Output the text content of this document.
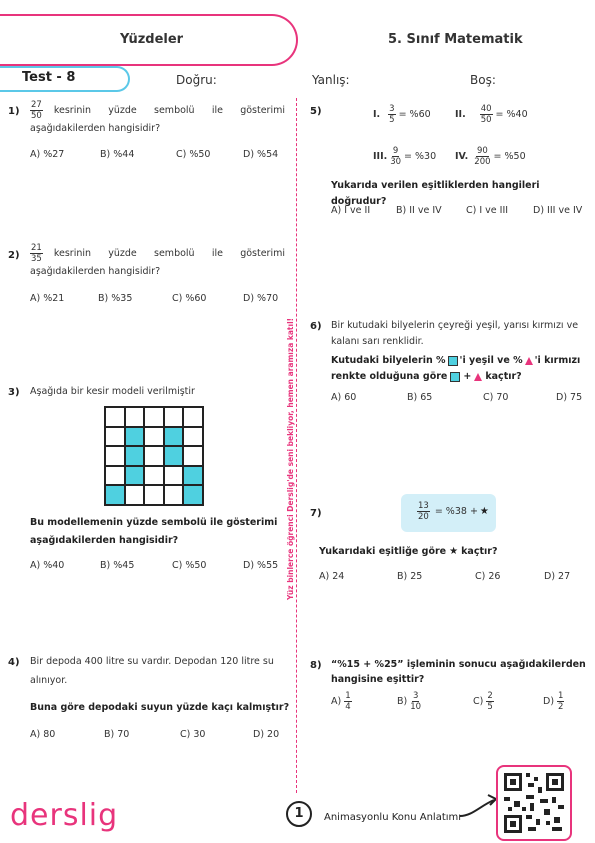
Yüzdeler	5. Sınıf Matematik
Test - 8	Doğru:	Yanlış:	Boş:
Yüz binlerce öğrenci Derslig'de seni bekliyor, hemen aramıza katıl!
$1) \frac{27}{50}$ kesrinin yüzde sembolü ile gösterimi
aşağıdakilerden hangisidir?
A) %27	B) %44	C) %50	D) %54
$2) \frac{21}{35}$ kesrinin yüzde sembolü ile gösterimi
aşağıdakilerden hangisidir?
A) %21	B) %35	C) %60	D) %70
3) Aşağıda bir kesir modeli verilmiştir
Bu modellemenin yüzde sembolü ile gösterimi
aşağıdakilerden hangisidir?
A) %40	B) %45	C) %50	D) %55
4) Bir depoda 400 litre su vardır. Depodan 120 litre su
alınıyor.
Buna göre depodaki suyun yüzde kaçı kalmıştır?
A) 80	B) 70	C) 30	D) 20
5)	I. $\frac{3}{5} = \%60$	II. $\frac{40}{50} = \%40$
III. $\frac{9}{30} = \%30$ IV. $\frac{90}{200} = \%50$
Yukarıda verilen eşitliklerden hangileri doğrudur?
A) I ve II	B) II ve IV	C) I ve III	D) III ve IV
6) Bir kutudaki bilyelerin çeyreği yeşil, yarısı kırmızı ve
kalanı sarı renklidir.
Kutudaki bilyelerin % 'i yeşil ve % 'i kırmızı
renkte olduğuna göre + kaçtır?
A) 60	B) 65	C) 70	D) 75
7)	$\frac{13}{20} = \%38$ + ★
Yukarıdaki eşitliğe göre ★ kaçtır?
A) 24	B) 25	C) 26	D) 27
8) “%15 + %25” işleminin sonucu aşağıdakilerden
hangisine eşittir?
$A) \frac{1}{4}$	$B) \frac{3}{10}$	$C) \frac{2}{5}$	$D) \frac{1}{2}$
derslig	1	Animasyonlu Konu Anlatımı
